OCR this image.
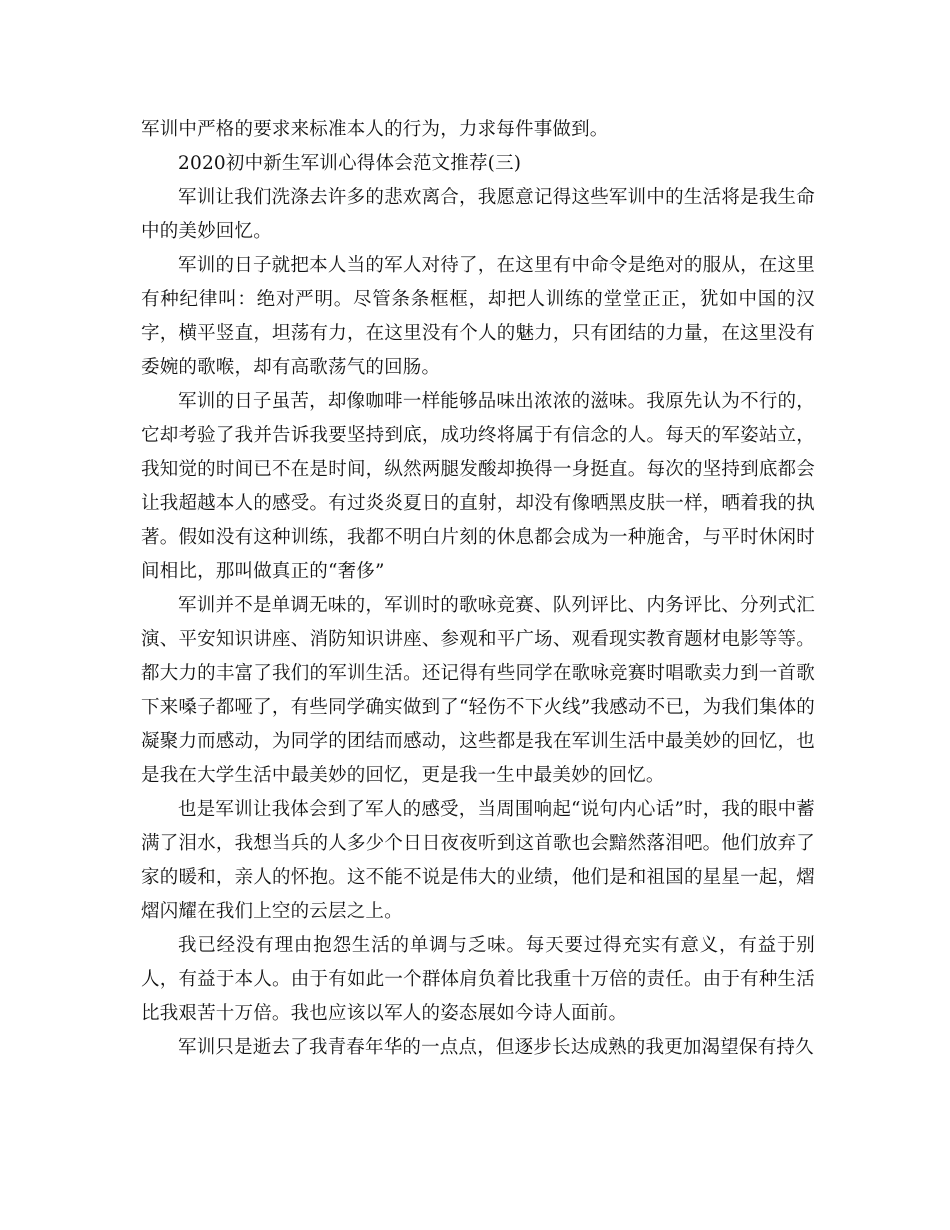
军训中严格的要求来标准本人的行为，力求每件事做到。

2020初中新生军训心得体会范文推荐(三)

军训让我们洗涤去许多的悲欢离合，我愿意记得这些军训中的生活将是我生命中的美妙回忆。

军训的日子就把本人当的军人对待了，在这里有中命令是绝对的服从，在这里有种纪律叫：绝对严明。尽管条条框框，却把人训练的堂堂正正，犹如中国的汉字，横平竖直，坦荡有力，在这里没有个人的魅力，只有团结的力量，在这里没有委婉的歌喉，却有高歌荡气的回肠。

军训的日子虽苦，却像咖啡一样能够品味出浓浓的滋味。我原先认为不行的，它却考验了我并告诉我要坚持到底，成功终将属于有信念的人。每天的军姿站立，我知觉的时间已不在是时间，纵然两腿发酸却换得一身挺直。每次的坚持到底都会让我超越本人的感受。有过炎炎夏日的直射，却没有像晒黑皮肤一样，晒着我的执著。假如没有这种训练，我都不明白片刻的休息都会成为一种施舍，与平时休闲时间相比，那叫做真正的“奢侈”

军训并不是单调无味的，军训时的歌咏竞赛、队列评比、内务评比、分列式汇演、平安知识讲座、消防知识讲座、参观和平广场、观看现实教育题材电影等等。都大力的丰富了我们的军训生活。还记得有些同学在歌咏竞赛时唱歌卖力到一首歌下来嗓子都哑了，有些同学确实做到了“轻伤不下火线”我感动不已，为我们集体的凝聚力而感动，为同学的团结而感动，这些都是我在军训生活中最美妙的回忆，也是我在大学生活中最美妙的回忆，更是我一生中最美妙的回忆。

也是军训让我体会到了军人的感受，当周围响起“说句内心话”时，我的眼中蓄满了泪水，我想当兵的人多少个日日夜夜听到这首歌也会黯然落泪吧。他们放弃了家的暖和，亲人的怀抱。这不能不说是伟大的业绩，他们是和祖国的星星一起，熠熠闪耀在我们上空的云层之上。

我已经没有理由抱怨生活的单调与乏味。每天要过得充实有意义，有益于别人，有益于本人。由于有如此一个群体肩负着比我重十万倍的责任。由于有种生活比我艰苦十万倍。我也应该以军人的姿态展如今诗人面前。

军训只是逝去了我青春年华的一点点，但逐步长达成熟的我更加渴望保有持久
